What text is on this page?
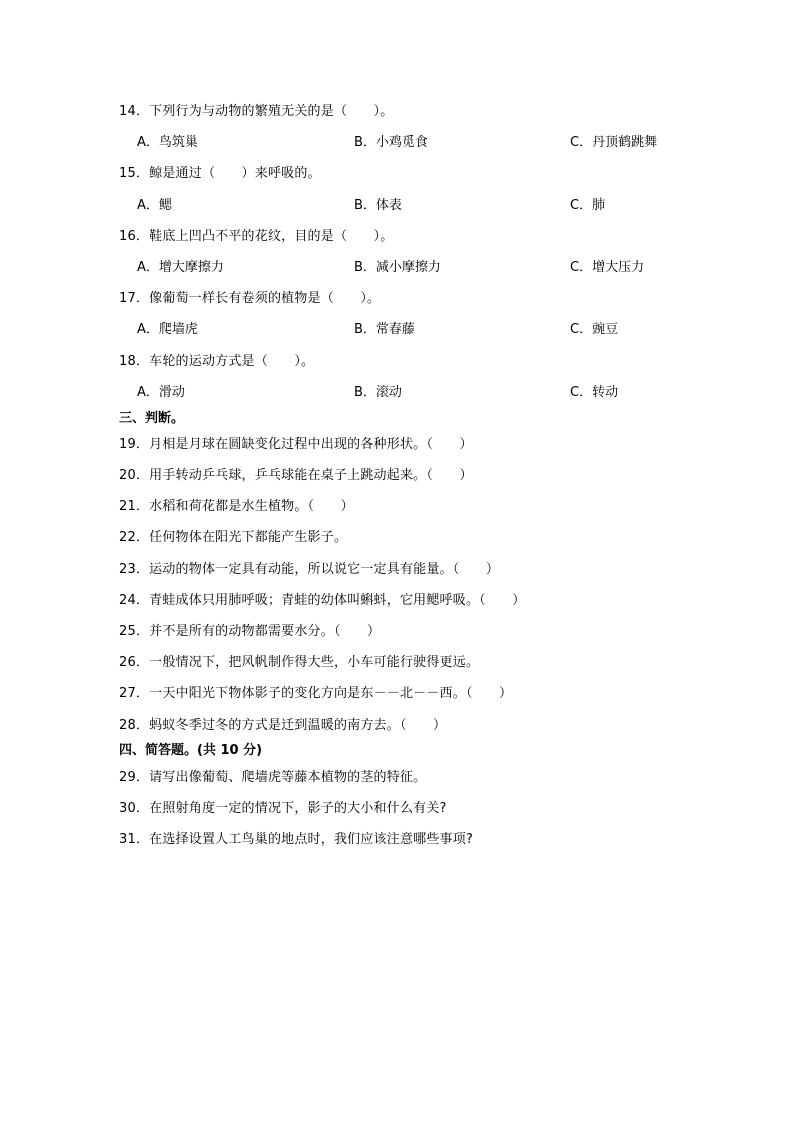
14．下列行为与动物的繁殖无关的是（　　）。
A．鸟筑巢	B．小鸡觅食	C．丹顶鹤跳舞
15．鲸是通过（　　）来呼吸的。
A．鳃	B．体表	C．肺
16．鞋底上凹凸不平的花纹，目的是（　　）。
A．增大摩擦力	B．减小摩擦力	C．增大压力
17．像葡萄一样长有卷须的植物是（　　）。
A．爬墙虎	B．常春藤	C．豌豆
18．车轮的运动方式是（　　）。
A．滑动	B．滚动	C．转动
三、判断。
19．月相是月球在圆缺变化过程中出现的各种形状。（　　）
20．用手转动乒乓球，乒乓球能在桌子上跳动起来。（　　）
21．水稻和荷花都是水生植物。（　　）
22．任何物体在阳光下都能产生影子。
23．运动的物体一定具有动能，所以说它一定具有能量。（　　）
24．青蛙成体只用肺呼吸；青蛙的幼体叫蝌蚪，它用鳃呼吸。（　　）
25．并不是所有的动物都需要水分。（　　）
26．一般情况下，把风帆制作得大些，小车可能行驶得更远。
27．一天中阳光下物体影子的变化方向是东－－北－－西。（　　）
28．蚂蚁冬季过冬的方式是迁到温暖的南方去。（　　）
四、简答题。(共 10 分)
29．请写出像葡萄、爬墙虎等藤本植物的茎的特征。
30．在照射角度一定的情况下，影子的大小和什么有关?
31．在选择设置人工鸟巢的地点时，我们应该注意哪些事项?
